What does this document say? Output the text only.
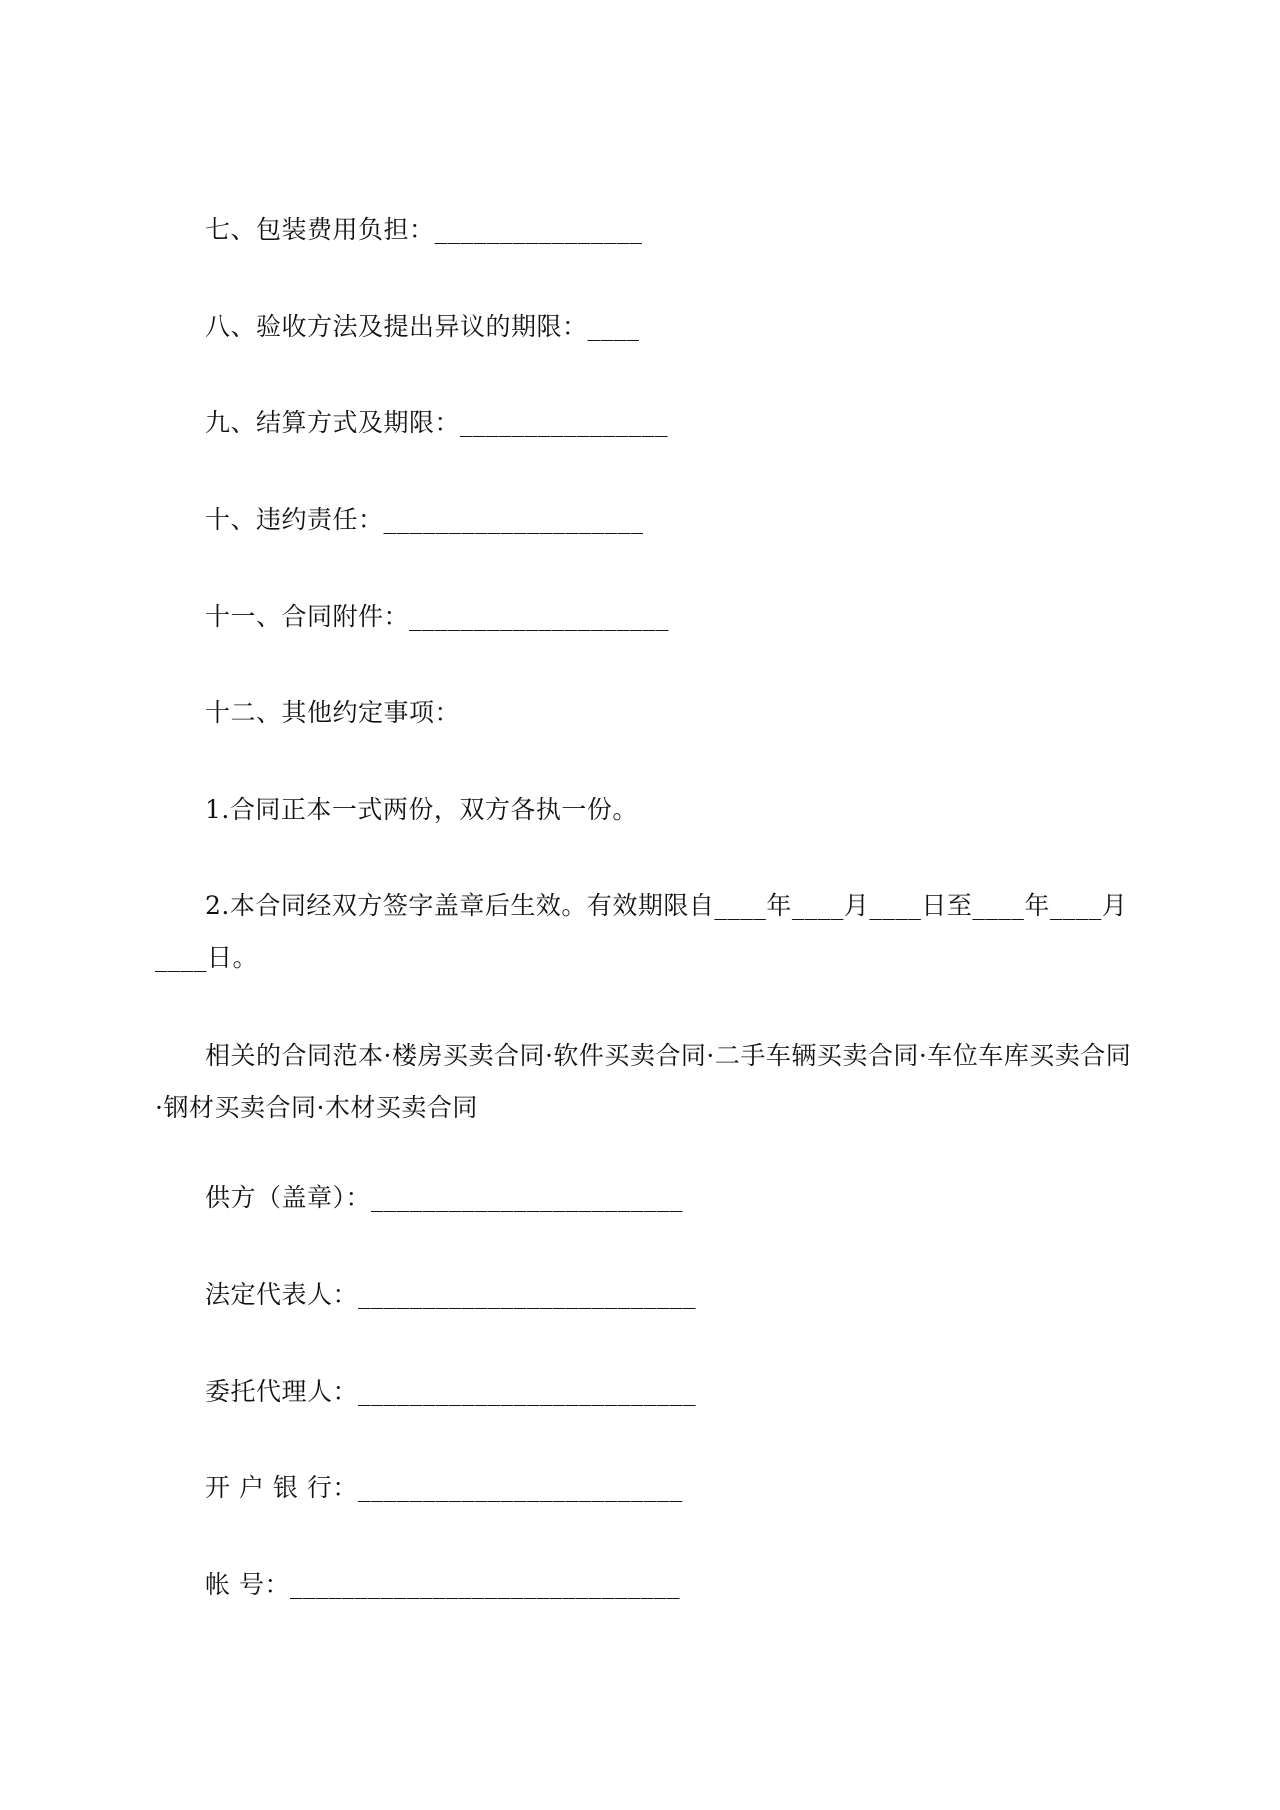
七、包装费用负担：________________
八、验收方法及提出异议的期限：____
九、结算方式及期限：________________
十、违约责任：____________________
十一、合同附件：____________________
十二、其他约定事项：
1.合同正本一式两份，双方各执一份。
2.本合同经双方签字盖章后生效。有效期限自____年____月____日至____年____月____日。
相关的合同范本·楼房买卖合同·软件买卖合同·二手车辆买卖合同·车位车库买卖合同·钢材买卖合同·木材买卖合同
供方（盖章）：________________________
法定代表人：__________________________
委托代理人：__________________________
开 户 银 行：_________________________
帐 号：______________________________
